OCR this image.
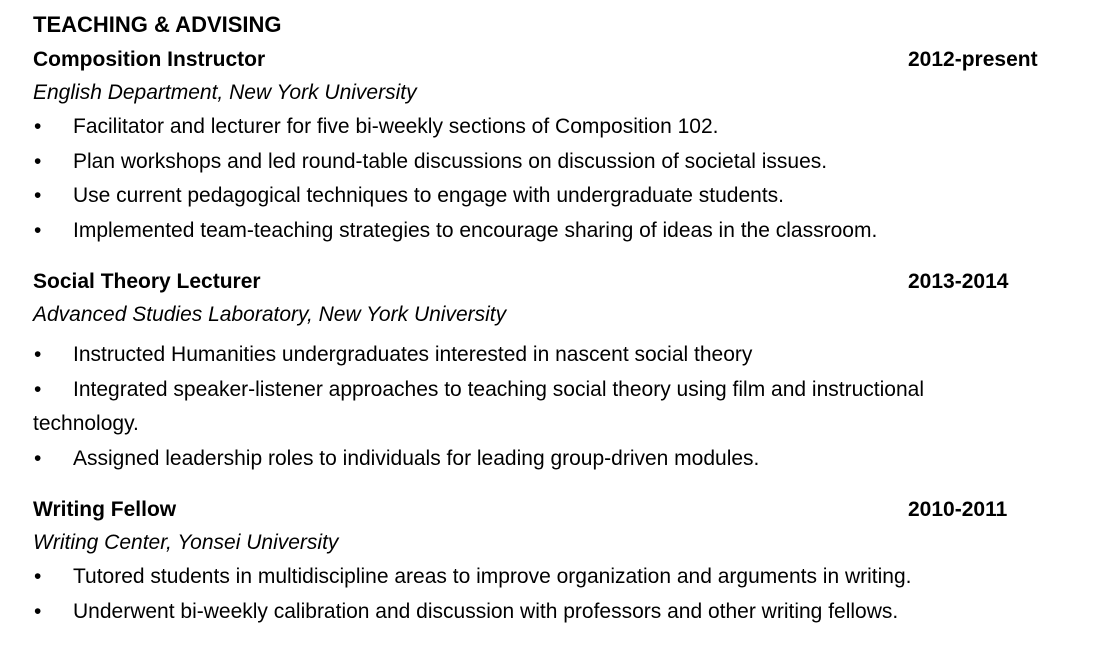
TEACHING & ADVISING
Composition Instructor	2012-present
English Department, New York University
• Facilitator and lecturer for five bi-weekly sections of Composition 102.
• Plan workshops and led round-table discussions on discussion of societal issues.
• Use current pedagogical techniques to engage with undergraduate students.
• Implemented team-teaching strategies to encourage sharing of ideas in the classroom.
Social Theory Lecturer	2013-2014
Advanced Studies Laboratory, New York University
• Instructed Humanities undergraduates interested in nascent social theory
• Integrated speaker-listener approaches to teaching social theory using film and instructional technology.
• Assigned leadership roles to individuals for leading group-driven modules.
Writing Fellow	2010-2011
Writing Center, Yonsei University
• Tutored students in multidiscipline areas to improve organization and arguments in writing.
• Underwent bi-weekly calibration and discussion with professors and other writing fellows.
